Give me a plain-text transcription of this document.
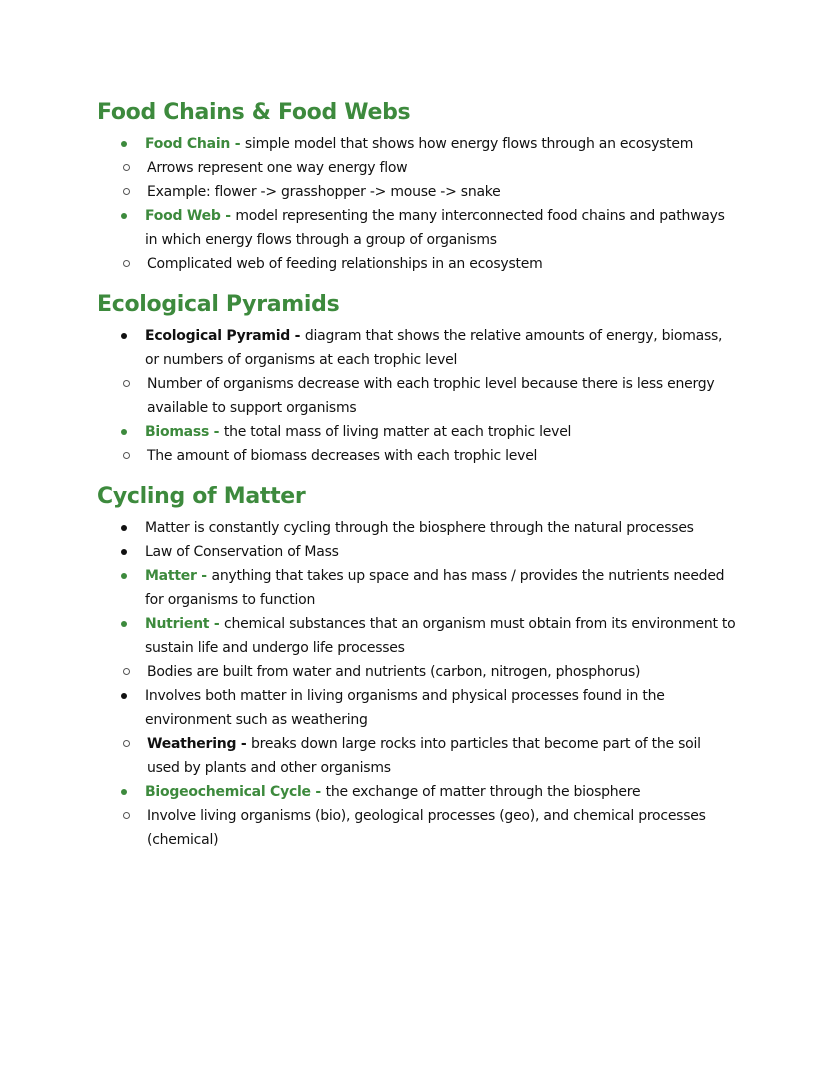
Food Chains & Food Webs
Food Chain - simple model that shows how energy flows through an ecosystem
Arrows represent one way energy flow
Example: flower -> grasshopper -> mouse -> snake
Food Web - model representing the many interconnected food chains and pathways in which energy flows through a group of organisms
Complicated web of feeding relationships in an ecosystem
Ecological Pyramids
Ecological Pyramid - diagram that shows the relative amounts of energy, biomass, or numbers of organisms at each trophic level
Number of organisms decrease with each trophic level because there is less energy available to support organisms
Biomass - the total mass of living matter at each trophic level
The amount of biomass decreases with each trophic level
Cycling of Matter
Matter is constantly cycling through the biosphere through the natural processes
Law of Conservation of Mass
Matter - anything that takes up space and has mass / provides the nutrients needed for organisms to function
Nutrient - chemical substances that an organism must obtain from its environment to sustain life and undergo life processes
Bodies are built from water and nutrients (carbon, nitrogen, phosphorus)
Involves both matter in living organisms and physical processes found in the environment such as weathering
Weathering - breaks down large rocks into particles that become part of the soil used by plants and other organisms
Biogeochemical Cycle - the exchange of matter through the biosphere
Involve living organisms (bio), geological processes (geo), and chemical processes (chemical)
